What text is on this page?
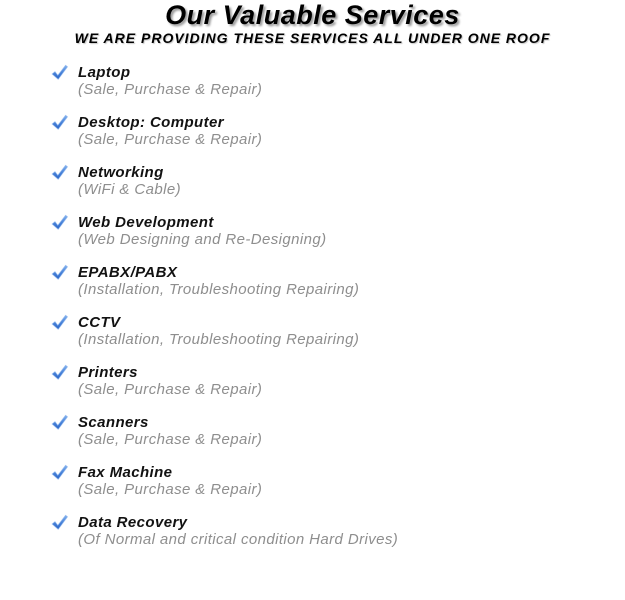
Our Valuable Services
WE ARE PROVIDING THESE SERVICES ALL UNDER ONE ROOF
Laptop
(Sale, Purchase & Repair)
Desktop: Computer
(Sale, Purchase & Repair)
Networking
(WiFi & Cable)
Web Development
(Web Designing and Re-Designing)
EPABX/PABX
(Installation, Troubleshooting Repairing)
CCTV
(Installation, Troubleshooting Repairing)
Printers
(Sale, Purchase & Repair)
Scanners
(Sale, Purchase & Repair)
Fax Machine
(Sale, Purchase & Repair)
Data Recovery
(Of Normal and critical condition Hard Drives)
